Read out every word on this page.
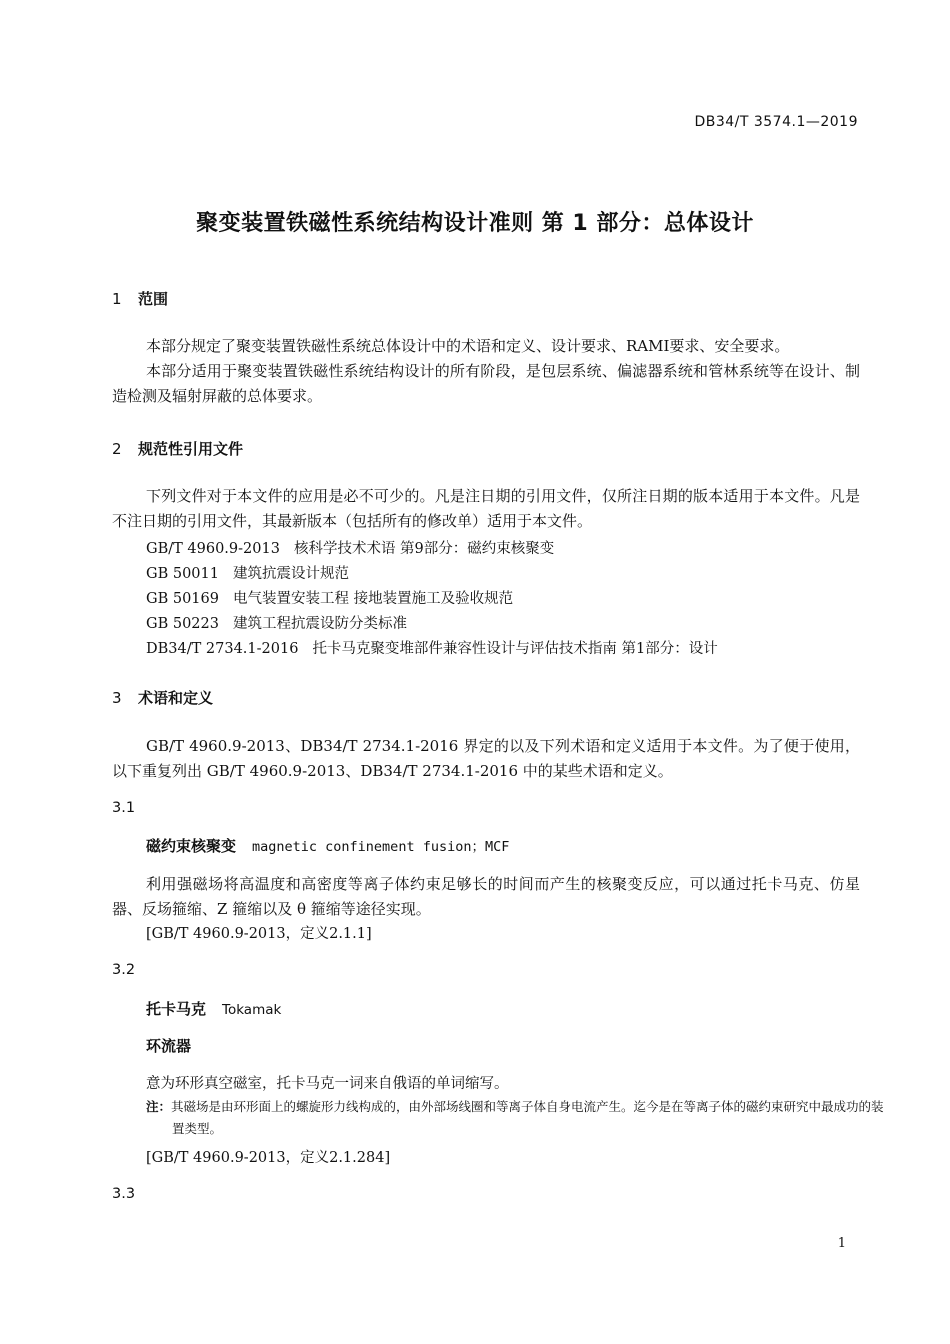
DB34/T 3574.1—2019
聚变装置铁磁性系统结构设计准则 第 1 部分：总体设计
1 范围
本部分规定了聚变装置铁磁性系统总体设计中的术语和定义、设计要求、RAMI要求、安全要求。
本部分适用于聚变装置铁磁性系统结构设计的所有阶段，是包层系统、偏滤器系统和管林系统等在设计、制造检测及辐射屏蔽的总体要求。
2 规范性引用文件
下列文件对于本文件的应用是必不可少的。凡是注日期的引用文件，仅所注日期的版本适用于本文件。凡是不注日期的引用文件，其最新版本（包括所有的修改单）适用于本文件。
GB/T 4960.9-2013 核科学技术术语 第9部分：磁约束核聚变
GB 50011 建筑抗震设计规范
GB 50169 电气装置安装工程 接地装置施工及验收规范
GB 50223 建筑工程抗震设防分类标准
DB34/T 2734.1-2016 托卡马克聚变堆部件兼容性设计与评估技术指南 第1部分：设计
3 术语和定义
GB/T 4960.9-2013、DB34/T 2734.1-2016 界定的以及下列术语和定义适用于本文件。为了便于使用，以下重复列出 GB/T 4960.9-2013、DB34/T 2734.1-2016 中的某些术语和定义。
3.1
磁约束核聚变 magnetic confinement fusion；MCF
利用强磁场将高温度和高密度等离子体约束足够长的时间而产生的核聚变反应，可以通过托卡马克、仿星器、反场箍缩、Z 箍缩以及 θ 箍缩等途径实现。
[GB/T 4960.9-2013，定义2.1.1]
3.2
托卡马克 Tokamak
环流器
意为环形真空磁室，托卡马克一词来自俄语的单词缩写。
注：其磁场是由环形面上的螺旋形力线构成的，由外部场线圈和等离子体自身电流产生。迄今是在等离子体的磁约束研究中最成功的装置类型。
[GB/T 4960.9-2013，定义2.1.284]
3.3
1
